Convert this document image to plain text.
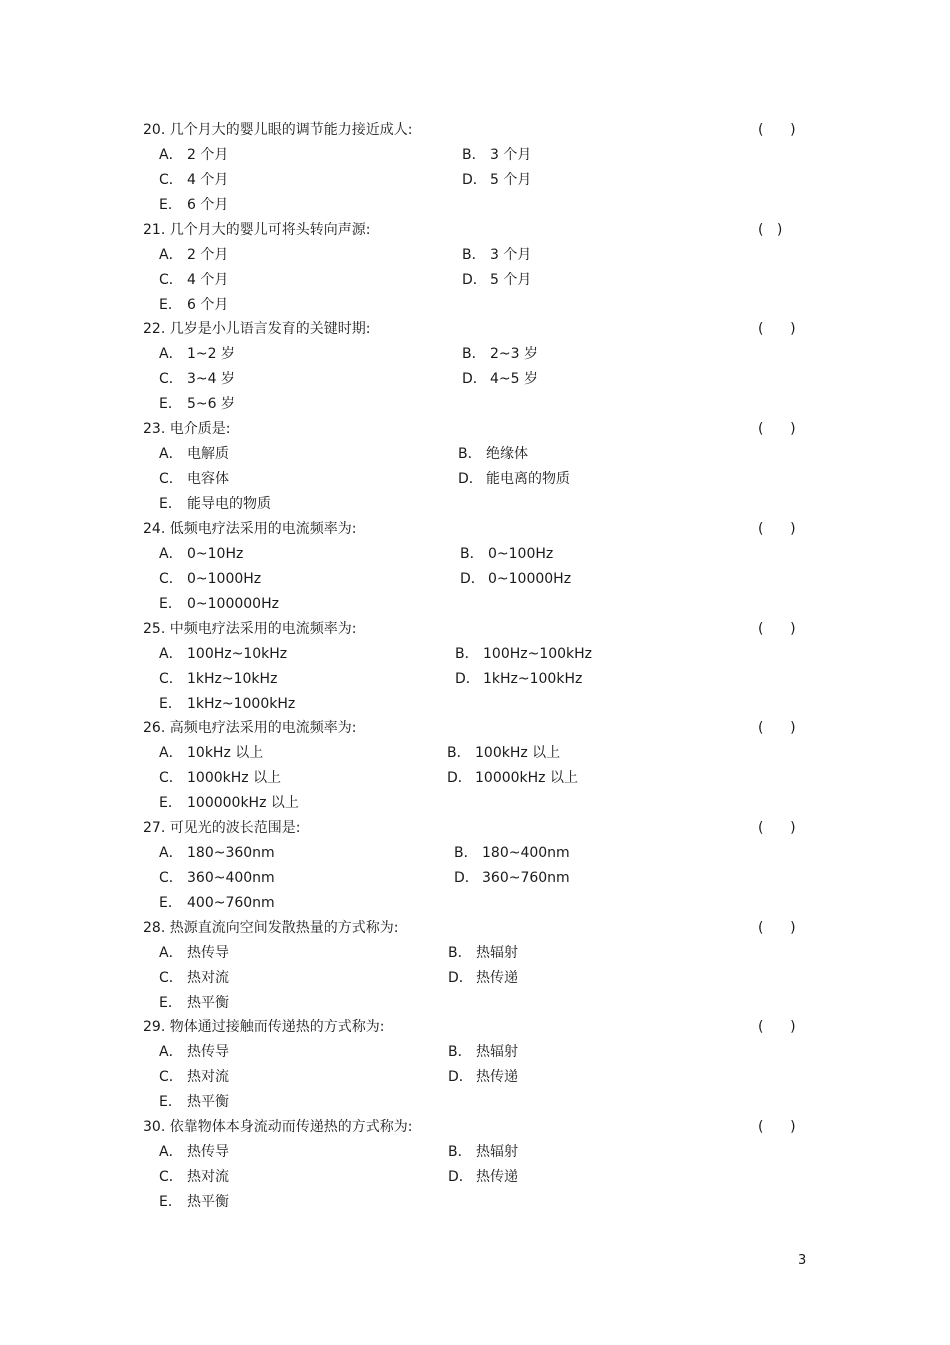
20. 几个月大的婴儿眼的调节能力接近成人:	(      )
A． 2 个月	B． 3 个月
C． 4 个月	D． 5 个月
E． 6 个月
21. 几个月大的婴儿可将头转向声源:	(   )
A． 2 个月	B． 3 个月
C． 4 个月	D． 5 个月
E． 6 个月
22. 几岁是小儿语言发育的关键时期:	(      )
A． 1~2 岁	B． 2~3 岁
C． 3~4 岁	D． 4~5 岁
E． 5~6 岁
23. 电介质是:	(      )
A． 电解质	B． 绝缘体
C． 电容体	D． 能电离的物质
E． 能导电的物质
24. 低频电疗法采用的电流频率为:	(      )
A． 0~10Hz	B． 0~100Hz
C． 0~1000Hz	D． 0~10000Hz
E． 0~100000Hz
25. 中频电疗法采用的电流频率为:	(      )
A． 100Hz~10kHz	B． 100Hz~100kHz
C． 1kHz~10kHz	D． 1kHz~100kHz
E． 1kHz~1000kHz
26. 高频电疗法采用的电流频率为:	(      )
A． 10kHz 以上	B． 100kHz 以上
C． 1000kHz 以上	D． 10000kHz 以上
E． 100000kHz 以上
27. 可见光的波长范围是:	(      )
A． 180~360nm	B． 180~400nm
C． 360~400nm	D． 360~760nm
E． 400~760nm
28. 热源直流向空间发散热量的方式称为:	(      )
A． 热传导	B． 热辐射
C． 热对流	D． 热传递
E． 热平衡
29. 物体通过接触而传递热的方式称为:	(      )
A． 热传导	B． 热辐射
C． 热对流	D． 热传递
E． 热平衡
30. 依靠物体本身流动而传递热的方式称为:	(      )
A． 热传导	B． 热辐射
C． 热对流	D． 热传递
E． 热平衡
3
